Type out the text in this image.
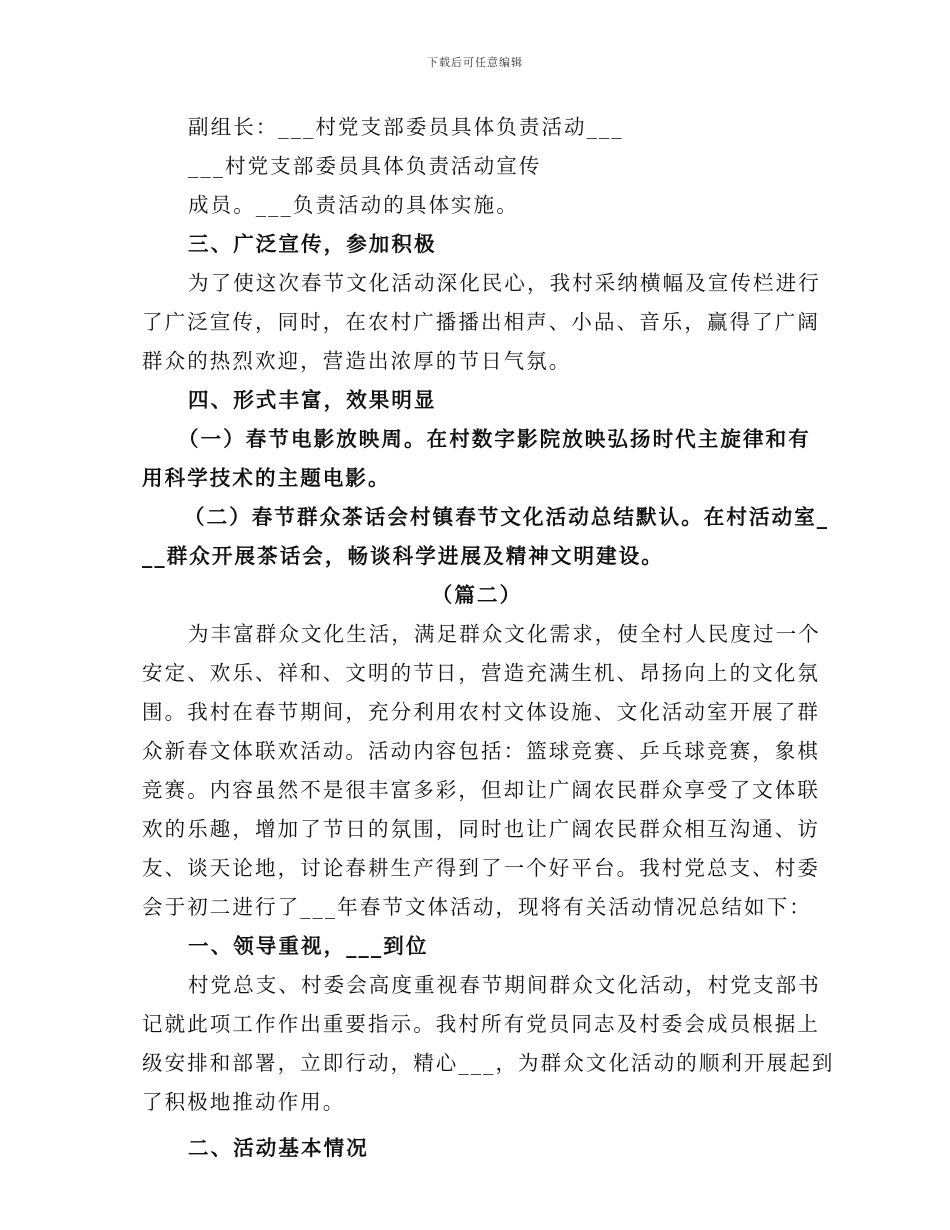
下载后可任意编辑
副组长：___村党支部委员具体负责活动___
___村党支部委员具体负责活动宣传
成员。___负责活动的具体实施。
三、广泛宣传，参加积极
为了使这次春节文化活动深化民心，我村采纳横幅及宣传栏进行
了广泛宣传，同时，在农村广播播出相声、小品、音乐，赢得了广阔
群众的热烈欢迎，营造出浓厚的节日气氛。
四、形式丰富，效果明显
（一）春节电影放映周。在村数字影院放映弘扬时代主旋律和有
用科学技术的主题电影。
（二）春节群众茶话会村镇春节文化活动总结默认。在村活动室_
__群众开展茶话会，畅谈科学进展及精神文明建设。
（篇二）
为丰富群众文化生活，满足群众文化需求，使全村人民度过一个
安定、欢乐、祥和、文明的节日，营造充满生机、昂扬向上的文化氛
围。我村在春节期间，充分利用农村文体设施、文化活动室开展了群
众新春文体联欢活动。活动内容包括：篮球竞赛、乒乓球竞赛，象棋
竞赛。内容虽然不是很丰富多彩，但却让广阔农民群众享受了文体联
欢的乐趣，增加了节日的氛围，同时也让广阔农民群众相互沟通、访
友、谈天论地，讨论春耕生产得到了一个好平台。我村党总支、村委
会于初二进行了___年春节文体活动，现将有关活动情况总结如下：
一、领导重视，___到位
村党总支、村委会高度重视春节期间群众文化活动，村党支部书
记就此项工作作出重要指示。我村所有党员同志及村委会成员根据上
级安排和部署，立即行动，精心___，为群众文化活动的顺利开展起到
了积极地推动作用。
二、活动基本情况
